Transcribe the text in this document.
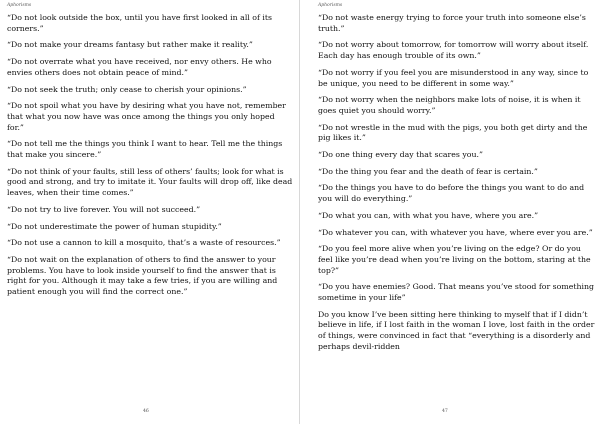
Aphorisms

“Do not look outside the box, until you have first looked in all of its corners.”

“Do not make your dreams fantasy but rather make it reality.”

“Do not overrate what you have received, nor envy others. He who envies others does not obtain peace of mind.”

“Do not seek the truth; only cease to cherish your opinions.”

“Do not spoil what you have by desiring what you have not, remember that what you now have was once among the things you only hoped for.”

“Do not tell me the things you think I want to hear. Tell me the things that make you sincere.”

“Do not think of your faults, still less of others’ faults; look for what is good and strong, and try to imitate it. Your faults will drop off, like dead leaves, when their time comes.”

“Do not try to live forever. You will not succeed.”

“Do not underestimate the power of human stupidity.”

“Do not use a cannon to kill a mosquito, that’s a waste of resources.”

“Do not wait on the explanation of others to find the answer to your problems. You have to look inside yourself to find the answer that is right for you. Although it may take a few tries, if you are willing and patient enough you will find the correct one.”

46
Aphorisms

“Do not waste energy trying to force your truth into someone else’s truth.”

“Do not worry about tomorrow, for tomorrow will worry about itself. Each day has enough trouble of its own.”

“Do not worry if you feel you are misunderstood in any way, since to be unique, you need to be different in some way.”

“Do not worry when the neighbors make lots of noise, it is when it goes quiet you should worry.”

“Do not wrestle in the mud with the pigs, you both get dirty and the pig likes it.”

“Do one thing every day that scares you.”

“Do the thing you fear and the death of fear is certain.”

“Do the things you have to do before the things you want to do and you will do everything.”

“Do what you can, with what you have, where you are.”

“Do whatever you can, with whatever you have, where ever you are.”

“Do you feel more alive when you’re living on the edge? Or do you feel like you’re dead when you’re living on the bottom, staring at the top?”

“Do you have enemies? Good. That means you’ve stood for something sometime in your life”

Do you know I’ve been sitting here thinking to myself that if I didn’t believe in life, if I lost faith in the woman I love, lost faith in the order of things, were convinced in fact that “everything is a disorderly and perhaps devil-ridden

47
